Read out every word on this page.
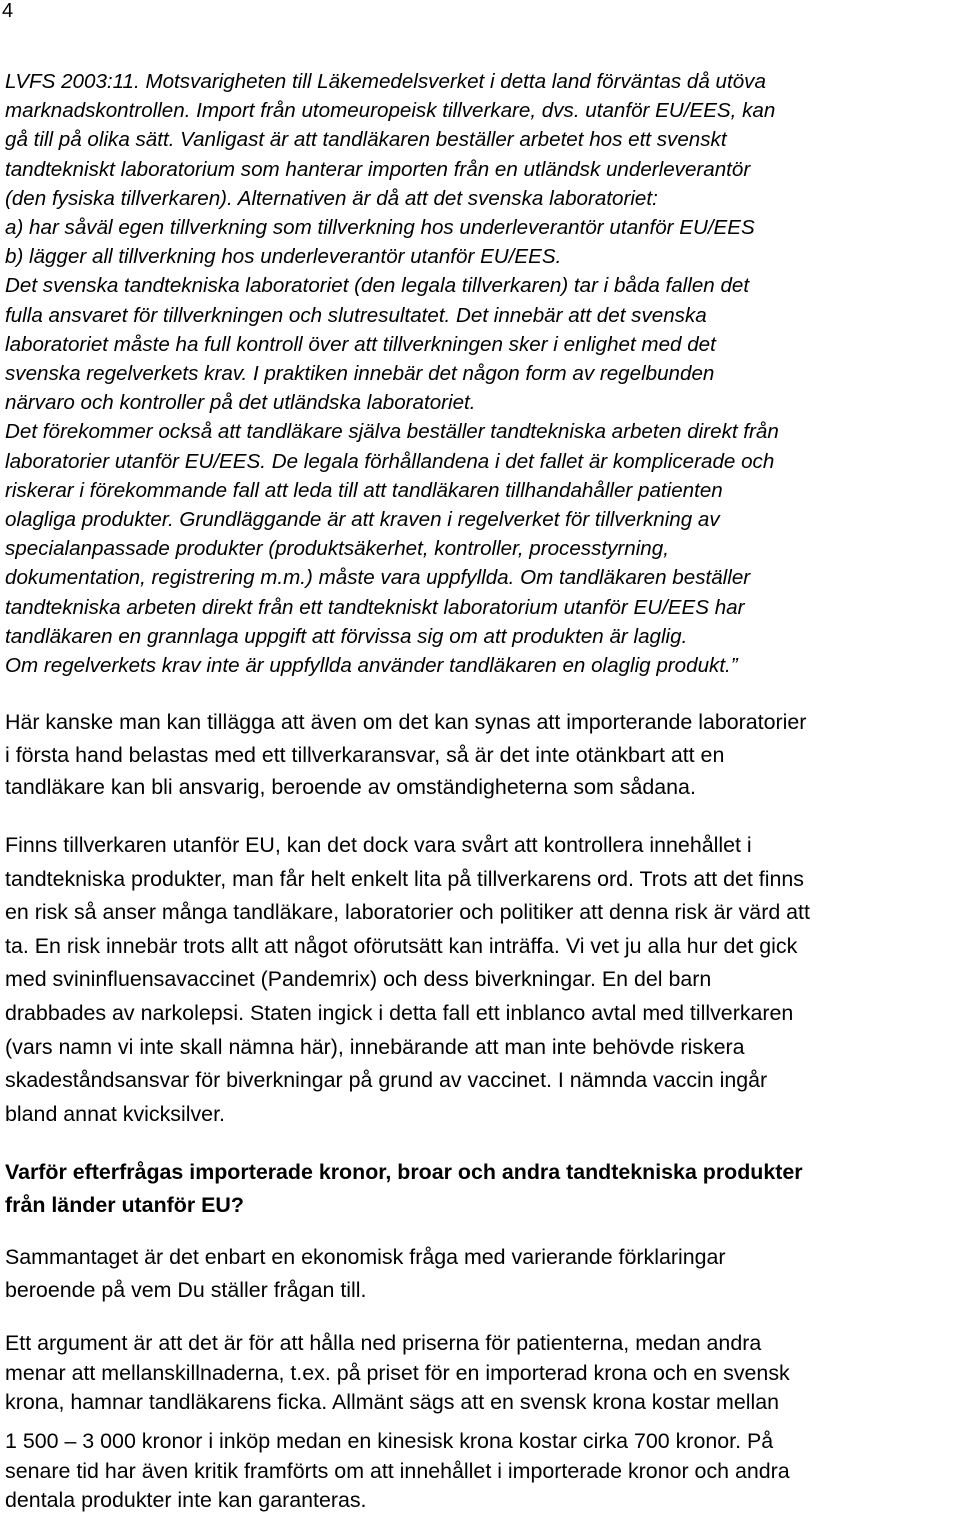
4

LVFS 2003:11. Motsvarigheten till Läkemedelsverket i detta land förväntas då utöva

marknadskontrollen. Import från utomeuropeisk tillverkare, dvs. utanför EU/EES, kan

gå till på olika sätt. Vanligast är att tandläkaren beställer arbetet hos ett svenskt

tandtekniskt laboratorium som hanterar importen från en utländsk underleverantör

(den fysiska tillverkaren). Alternativen är då att det svenska laboratoriet:

a) har såväl egen tillverkning som tillverkning hos underleverantör utanför EU/EES

b) lägger all tillverkning hos underleverantör utanför EU/EES.

Det svenska tandtekniska laboratoriet (den legala tillverkaren) tar i båda fallen det

fulla ansvaret för tillverkningen och slutresultatet. Det innebär att det svenska

laboratoriet måste ha full kontroll över att tillverkningen sker i enlighet med det

svenska regelverkets krav. I praktiken innebär det någon form av regelbunden

närvaro och kontroller på det utländska laboratoriet.

Det förekommer också att tandläkare själva beställer tandtekniska arbeten direkt från

laboratorier utanför EU/EES. De legala förhållandena i det fallet är komplicerade och

riskerar i förekommande fall att leda till att tandläkaren tillhandahåller patienten

olagliga produkter. Grundläggande är att kraven i regelverket för tillverkning av

specialanpassade produkter (produktsäkerhet, kontroller, processtyrning,

dokumentation, registrering m.m.) måste vara uppfyllda. Om tandläkaren beställer

tandtekniska arbeten direkt från ett tandtekniskt laboratorium utanför EU/EES har

tandläkaren en grannlaga uppgift att förvissa sig om att produkten är laglig.

Om regelverkets krav inte är uppfyllda använder tandläkaren en olaglig produkt.”

Här kanske man kan tillägga att även om det kan synas att importerande laboratorier

i första hand belastas med ett tillverkaransvar, så är det inte otänkbart att en

tandläkare kan bli ansvarig, beroende av omständigheterna som sådana.

Finns tillverkaren utanför EU, kan det dock vara svårt att kontrollera innehållet i

tandtekniska produkter, man får helt enkelt lita på tillverkarens ord. Trots att det finns

en risk så anser många tandläkare, laboratorier och politiker att denna risk är värd att

ta. En risk innebär trots allt att något oförutsätt kan inträffa. Vi vet ju alla hur det gick

med svininfluensavaccinet (Pandemrix) och dess biverkningar. En del barn

drabbades av narkolepsi. Staten ingick i detta fall ett inblanco avtal med tillverkaren

(vars namn vi inte skall nämna här), innebärande att man inte behövde riskera

skadeståndsansvar för biverkningar på grund av vaccinet. I nämnda vaccin ingår

bland annat kvicksilver.

Varför efterfrågas importerade kronor, broar och andra tandtekniska produkter

från länder utanför EU?

Sammantaget är det enbart en ekonomisk fråga med varierande förklaringar

beroende på vem Du ställer frågan till.

Ett argument är att det är för att hålla ned priserna för patienterna, medan andra

menar att mellanskillnaderna, t.ex. på priset för en importerad krona och en svensk

krona, hamnar tandläkarens ficka. Allmänt sägs att en svensk krona kostar mellan

1 500 – 3 000 kronor i inköp medan en kinesisk krona kostar cirka 700 kronor. På

senare tid har även kritik framförts om att innehållet i importerade kronor och andra

dentala produkter inte kan garanteras.
